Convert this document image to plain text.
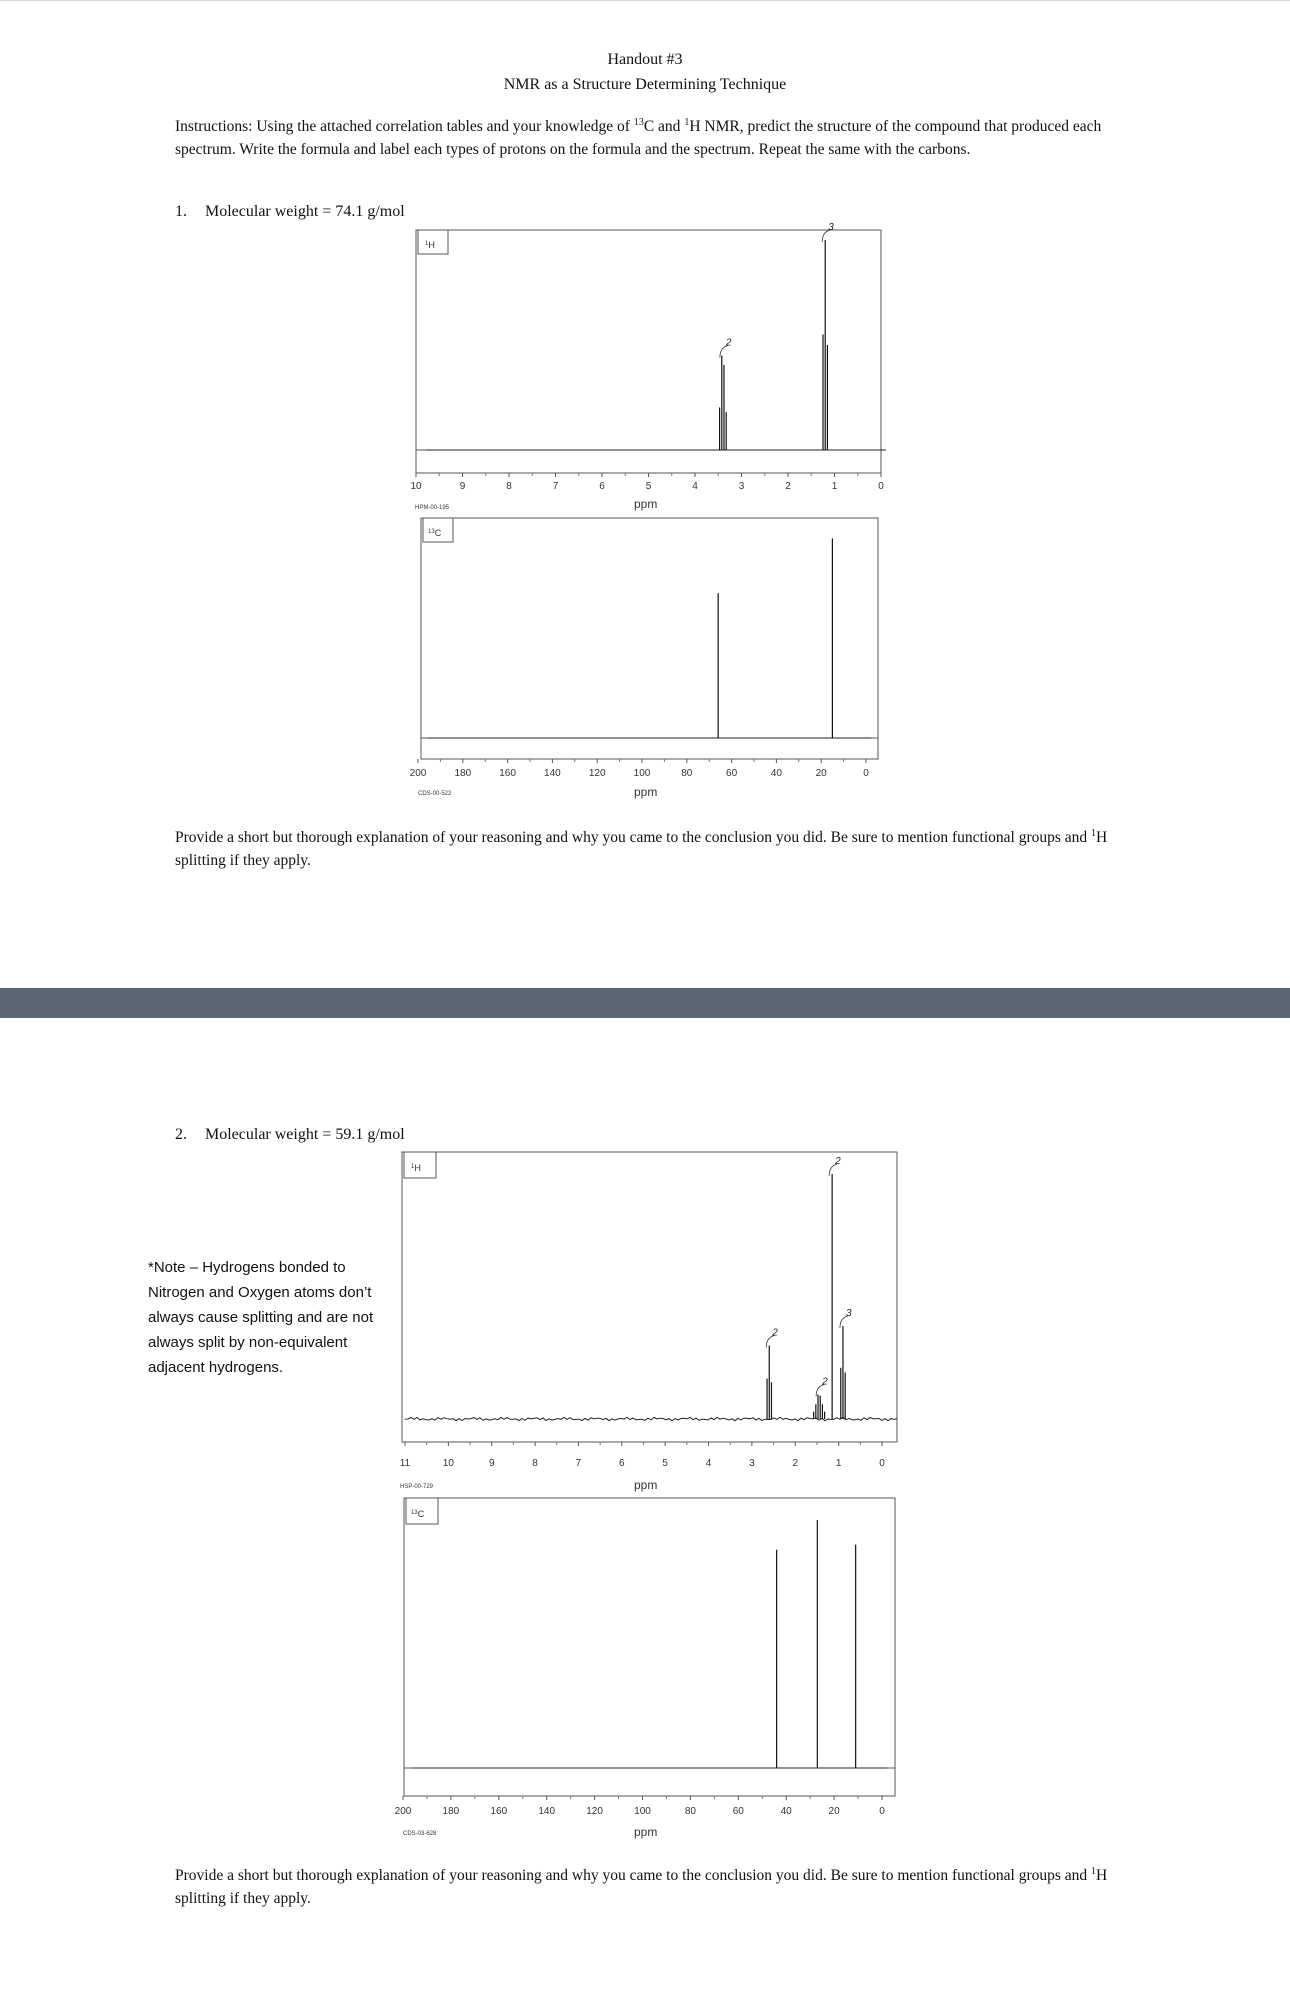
Handout #3
NMR as a Structure Determining Technique
Instructions: Using the attached correlation tables and your knowledge of $^{13}$C and $^1$H NMR, predict the structure of the compound that produced each spectrum. Write the formula and label each types of protons on the formula and the spectrum. Repeat the same with the carbons.
1. Molecular weight = 74.1 g/mol
$^1$H
10	9	8	7	6	5	4	3	2	1	0
2
3
HPM-00-195	ppm
$^{13}$C
200	180	160	140	120	100	80	60	40	20	0
CDS-00-522	ppm
Provide a short but thorough explanation of your reasoning and why you came to the conclusion you did. Be sure to mention functional groups and $^1$H splitting if they apply.
2. Molecular weight = 59.1 g/mol
*Note – Hydrogens bonded to Nitrogen and Oxygen atoms don’t always cause splitting and are not always split by non-equivalent adjacent hydrogens.
$^1$H
11	10	9	8	7	6	5	4	3	2	1	0
2
2
2
3
HSP-00-729	ppm
$^{13}$C
200	180	160	140	120	100	80	60	40	20	0
CDS-03-628	ppm
Provide a short but thorough explanation of your reasoning and why you came to the conclusion you did. Be sure to mention functional groups and $^1$H splitting if they apply.
